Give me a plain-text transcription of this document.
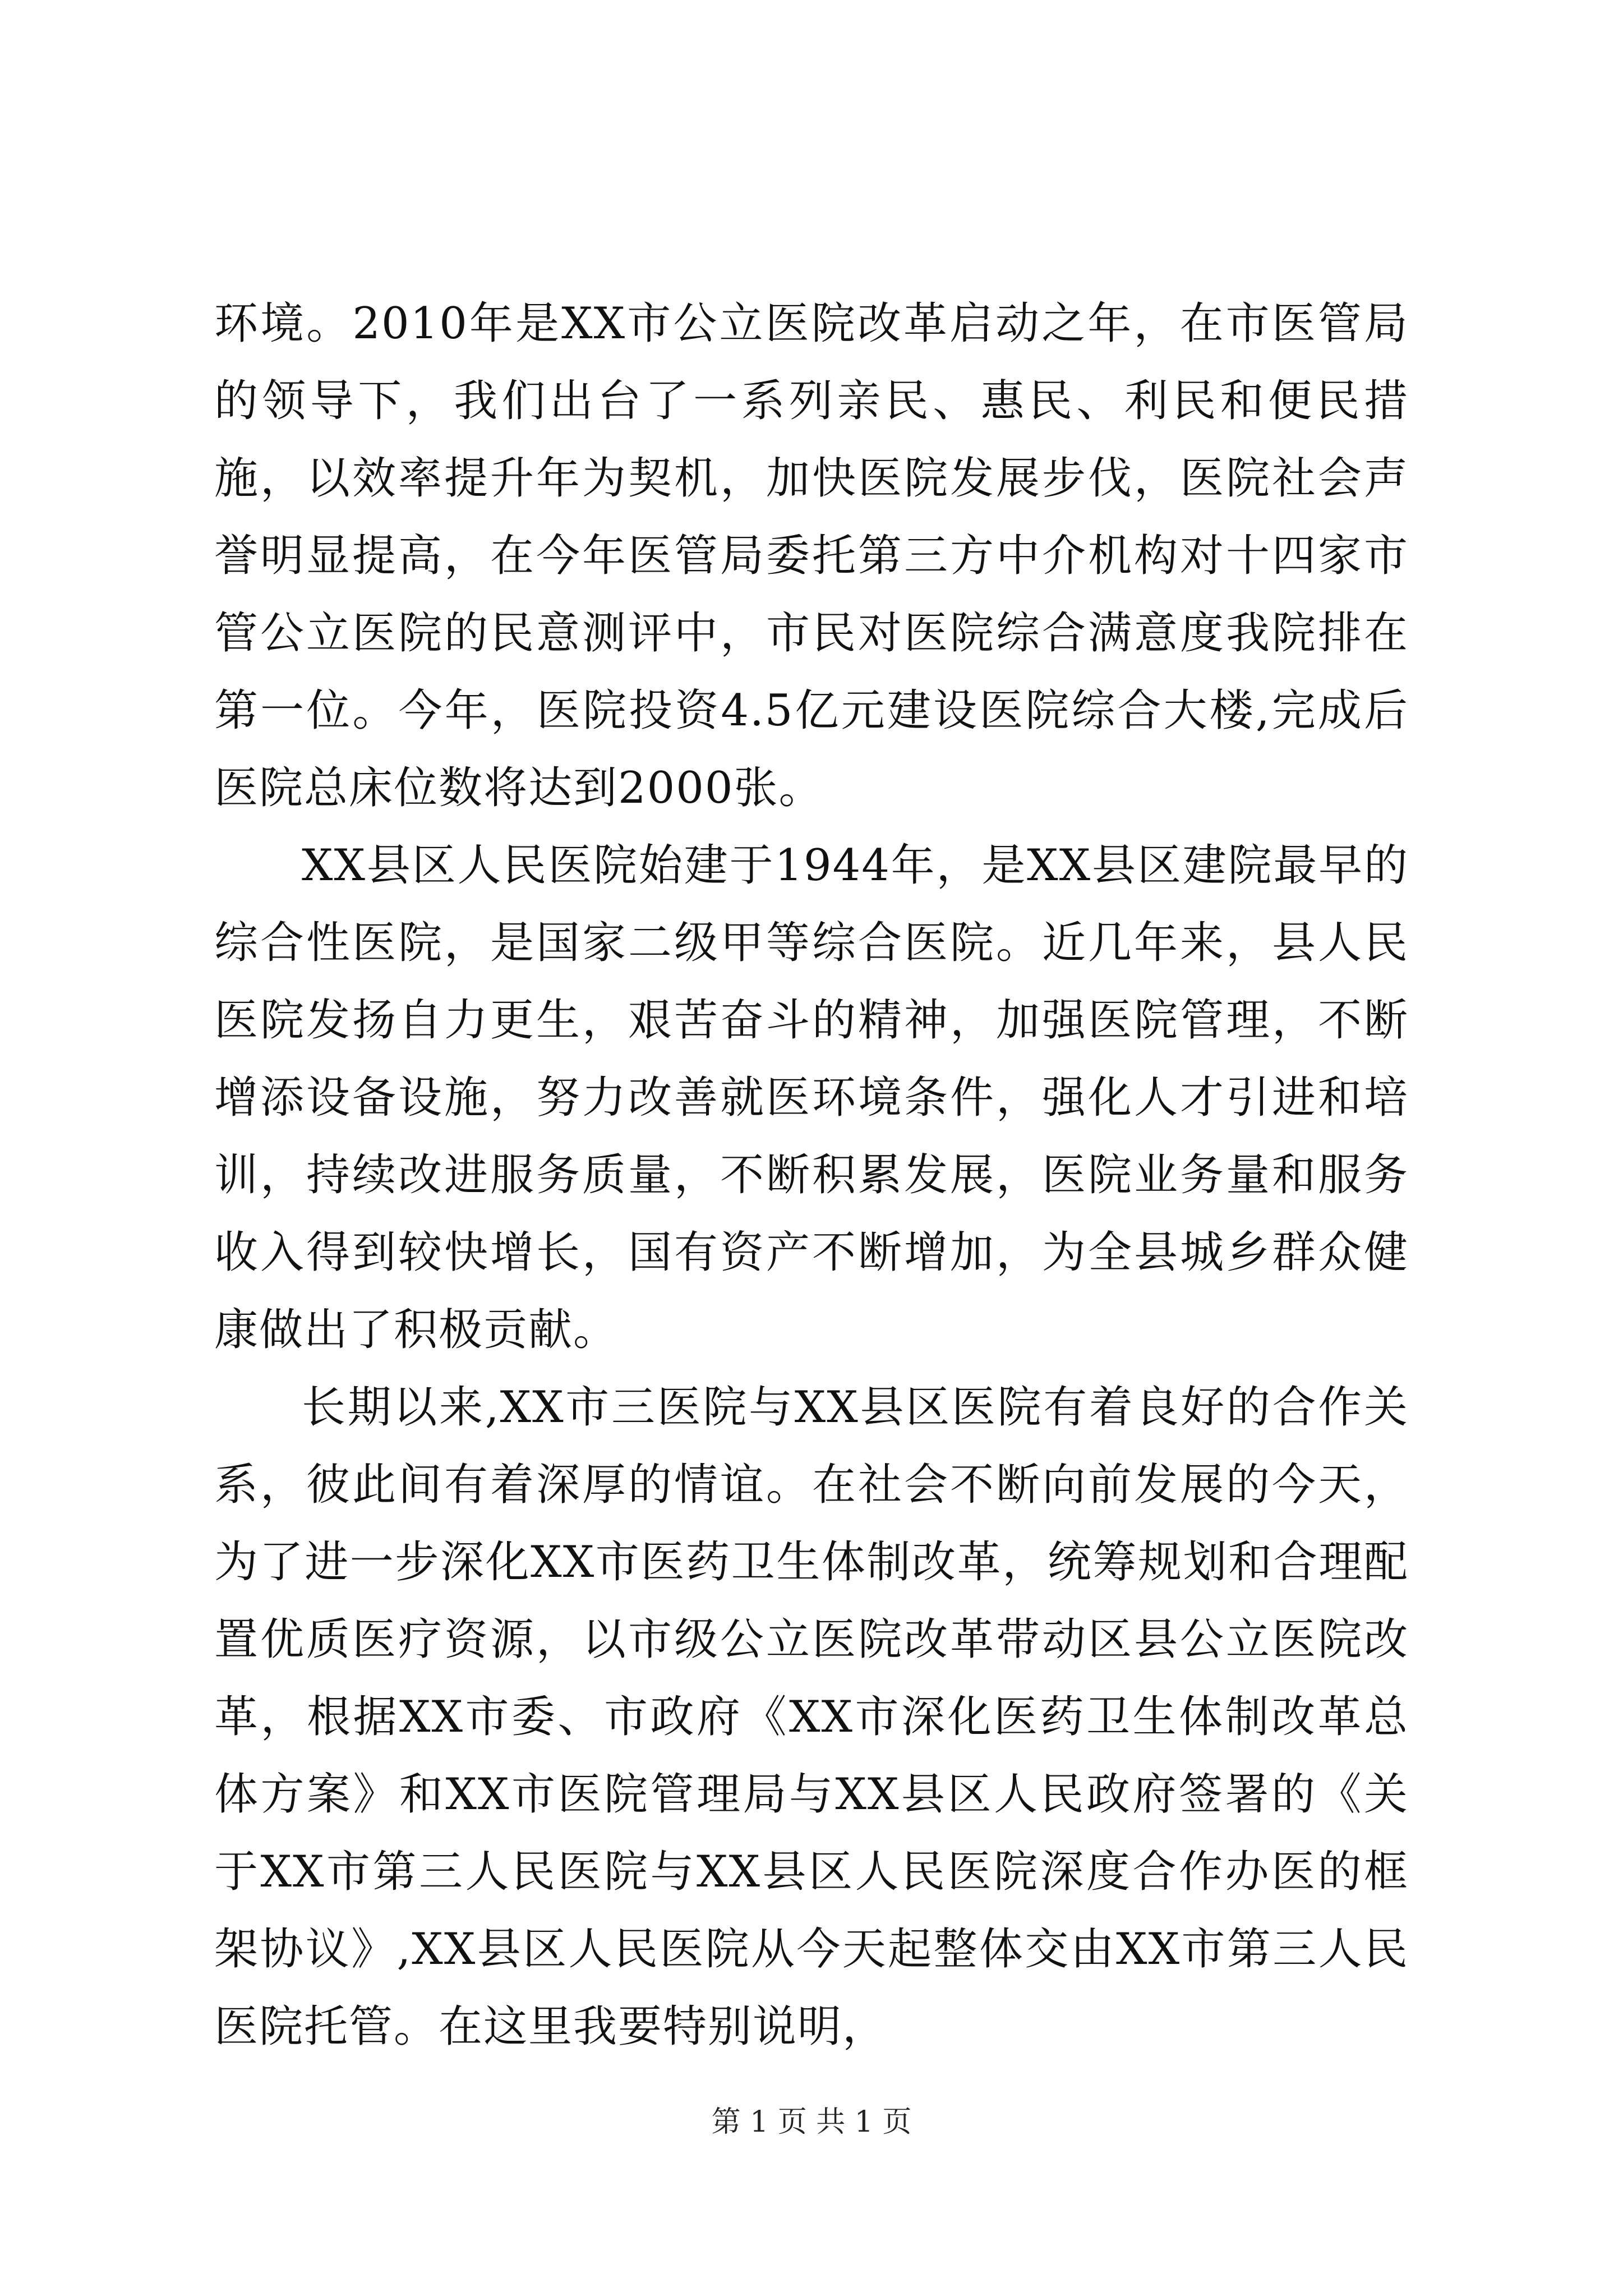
环境。2010年是XX市公立医院改革启动之年，在市医管局的领导下，我们出台了一系列亲民、惠民、利民和便民措施，以效率提升年为契机，加快医院发展步伐，医院社会声誉明显提高，在今年医管局委托第三方中介机构对十四家市管公立医院的民意测评中，市民对医院综合满意度我院排在第一位。今年，医院投资4.5亿元建设医院综合大楼,完成后医院总床位数将达到2000张。

XX县区人民医院始建于1944年，是XX县区建院最早的综合性医院，是国家二级甲等综合医院。近几年来，县人民医院发扬自力更生，艰苦奋斗的精神，加强医院管理，不断增添设备设施，努力改善就医环境条件，强化人才引进和培训，持续改进服务质量，不断积累发展，医院业务量和服务收入得到较快增长，国有资产不断增加，为全县城乡群众健康做出了积极贡献。

长期以来,XX市三医院与XX县区医院有着良好的合作关系，彼此间有着深厚的情谊。在社会不断向前发展的今天，为了进一步深化XX市医药卫生体制改革，统筹规划和合理配置优质医疗资源，以市级公立医院改革带动区县公立医院改革，根据XX市委、市政府《XX市深化医药卫生体制改革总体方案》和XX市医院管理局与XX县区人民政府签署的《关于XX市第三人民医院与XX县区人民医院深度合作办医的框架协议》,XX县区人民医院从今天起整体交由XX市第三人民医院托管。在这里我要特别说明，

第 1 页 共 1 页
